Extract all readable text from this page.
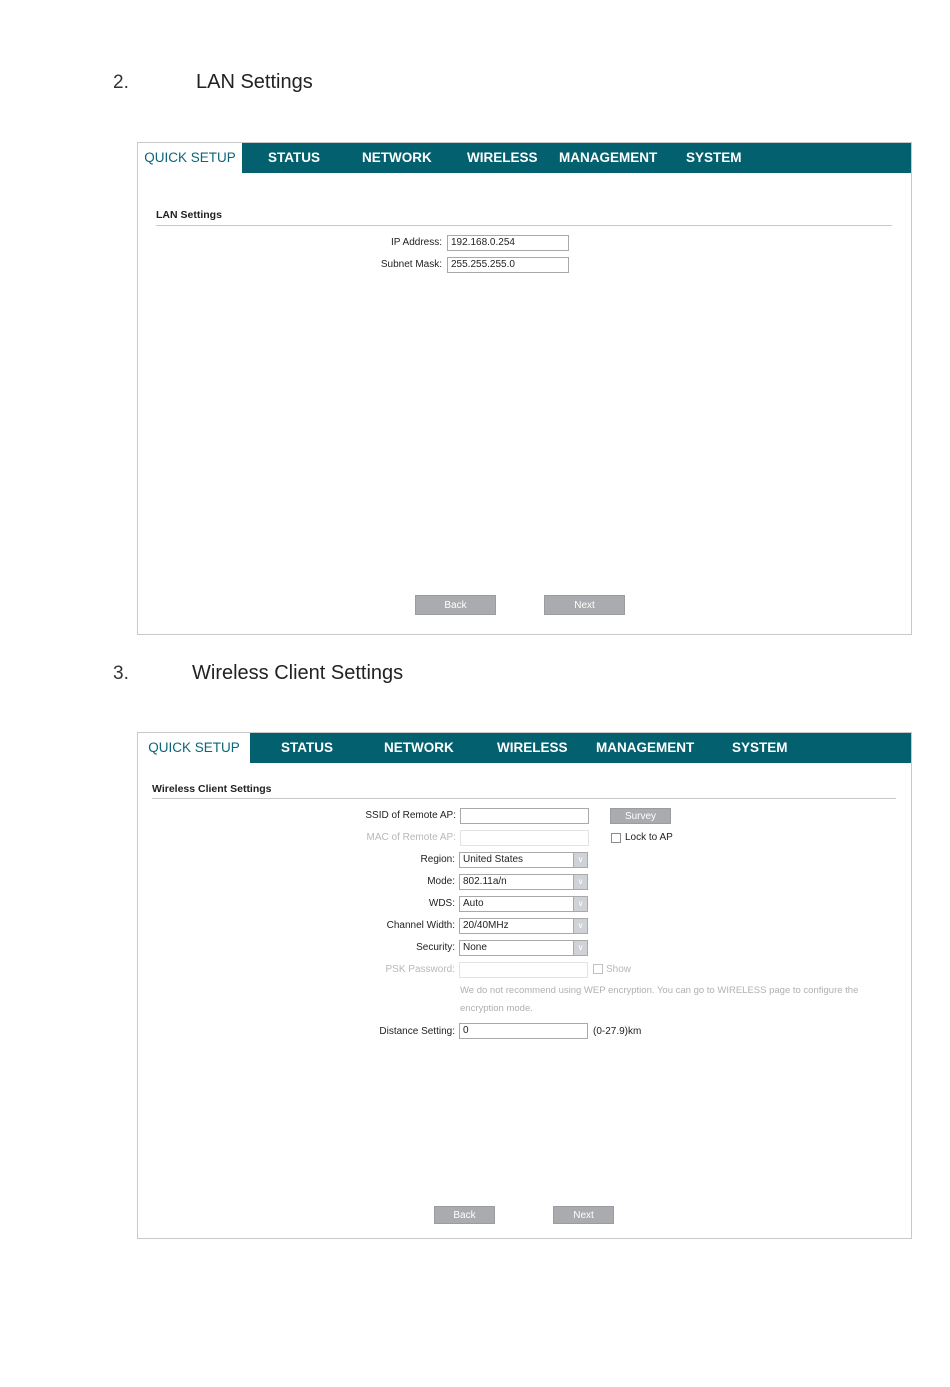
2.	LAN Settings
QUICK SETUP	STATUS	NETWORK	WIRELESS MANAGEMENT SYSTEM
LAN Settings
IP Address: 192.168.0.254
Subnet Mask: 255.255.255.0
Back	Next
3.	Wireless Client Settings
QUICK SETUP	STATUS	NETWORK	WIRELESS MANAGEMENT	SYSTEM
Wireless Client Settings
SSID of Remote AP:	Survey
MAC of Remote AP:	Lock to AP
Region: United States	∨
Mode: 802.11a/n	∨
WDS: Auto	∨
Channel Width: 20/40MHz	∨
Security: None	∨
PSK Password:	Show
We do not recommend using WEP encryption. You can go to WIRELESS page to configure the encryption mode.
Distance Setting: 0	(0-27.9)km
Back	Next
